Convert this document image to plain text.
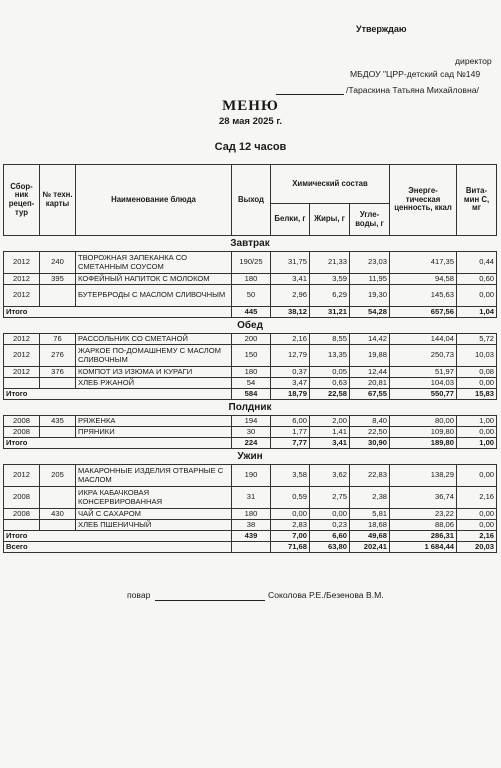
Утверждаю
директор
МБДОУ "ЦРР-детский сад №149
/Тараскина Татьяна Михайловна/
МЕНЮ
28 мая 2025 г.
Сад 12 часов
Сбор-ник рецеп-тур	№ техн. карты	Наименование блюда	Выход	Химический состав			Энерге-тическая ценность, ккал	Вита-мин С, мг
				Белки, г	Жиры, г	Угле-воды, г		
Завтрак								
2012	240	ТВОРОЖНАЯ ЗАПЕКАНКА СО СМЕТАННЫМ СОУСОМ	190/25	31,75	21,33	23,03	417,35	0,44
2012	395	КОФЕЙНЫЙ НАПИТОК С МОЛОКОМ	180	3,41	3,59	11,95	94,58	0,60
2012		БУТЕРБРОДЫ С МАСЛОМ СЛИВОЧНЫМ	50	2,96	6,29	19,30	145,63	0,00
Итого			445	38,12	31,21	54,28	657,56	1,04
Обед								
2012	76	РАССОЛЬНИК СО СМЕТАНОЙ	200	2,16	8,55	14,42	144,04	5,72
2012	276	ЖАРКОЕ ПО-ДОМАШНЕМУ С МАСЛОМ СЛИВОЧНЫМ	150	12,79	13,35	19,88	250,73	10,03
2012	376	КОМПОТ ИЗ ИЗЮМА И КУРАГИ	180	0,37	0,05	12,44	51,97	0,08
		ХЛЕБ РЖАНОЙ	54	3,47	0,63	20,81	104,03	0,00
Итого			584	18,79	22,58	67,55	550,77	15,83
Полдник								
2008	435	РЯЖЕНКА	194	6,00	2,00	8,40	80,00	1,00
2008		ПРЯНИКИ	30	1,77	1,41	22,50	109,80	0,00
Итого			224	7,77	3,41	30,90	189,80	1,00
Ужин								
2012	205	МАКАРОННЫЕ ИЗДЕЛИЯ ОТВАРНЫЕ С МАСЛОМ	190	3,58	3,62	22,83	138,29	0,00
2008		ИКРА КАБАЧКОВАЯ КОНСЕРВИРОВАННАЯ	31	0,59	2,75	2,38	36,74	2,16
2008	430	ЧАЙ С САХАРОМ	180	0,00	0,00	5,81	23,22	0,00
		ХЛЕБ ПШЕНИЧНЫЙ	38	2,83	0,23	18,68	88,06	0,00
Итого			439	7,00	6,60	49,68	286,31	2,16
Всего				71,68	63,80	202,41	1 684,44	20,03
повар	Соколова Р.Е./Безенова В.М.
